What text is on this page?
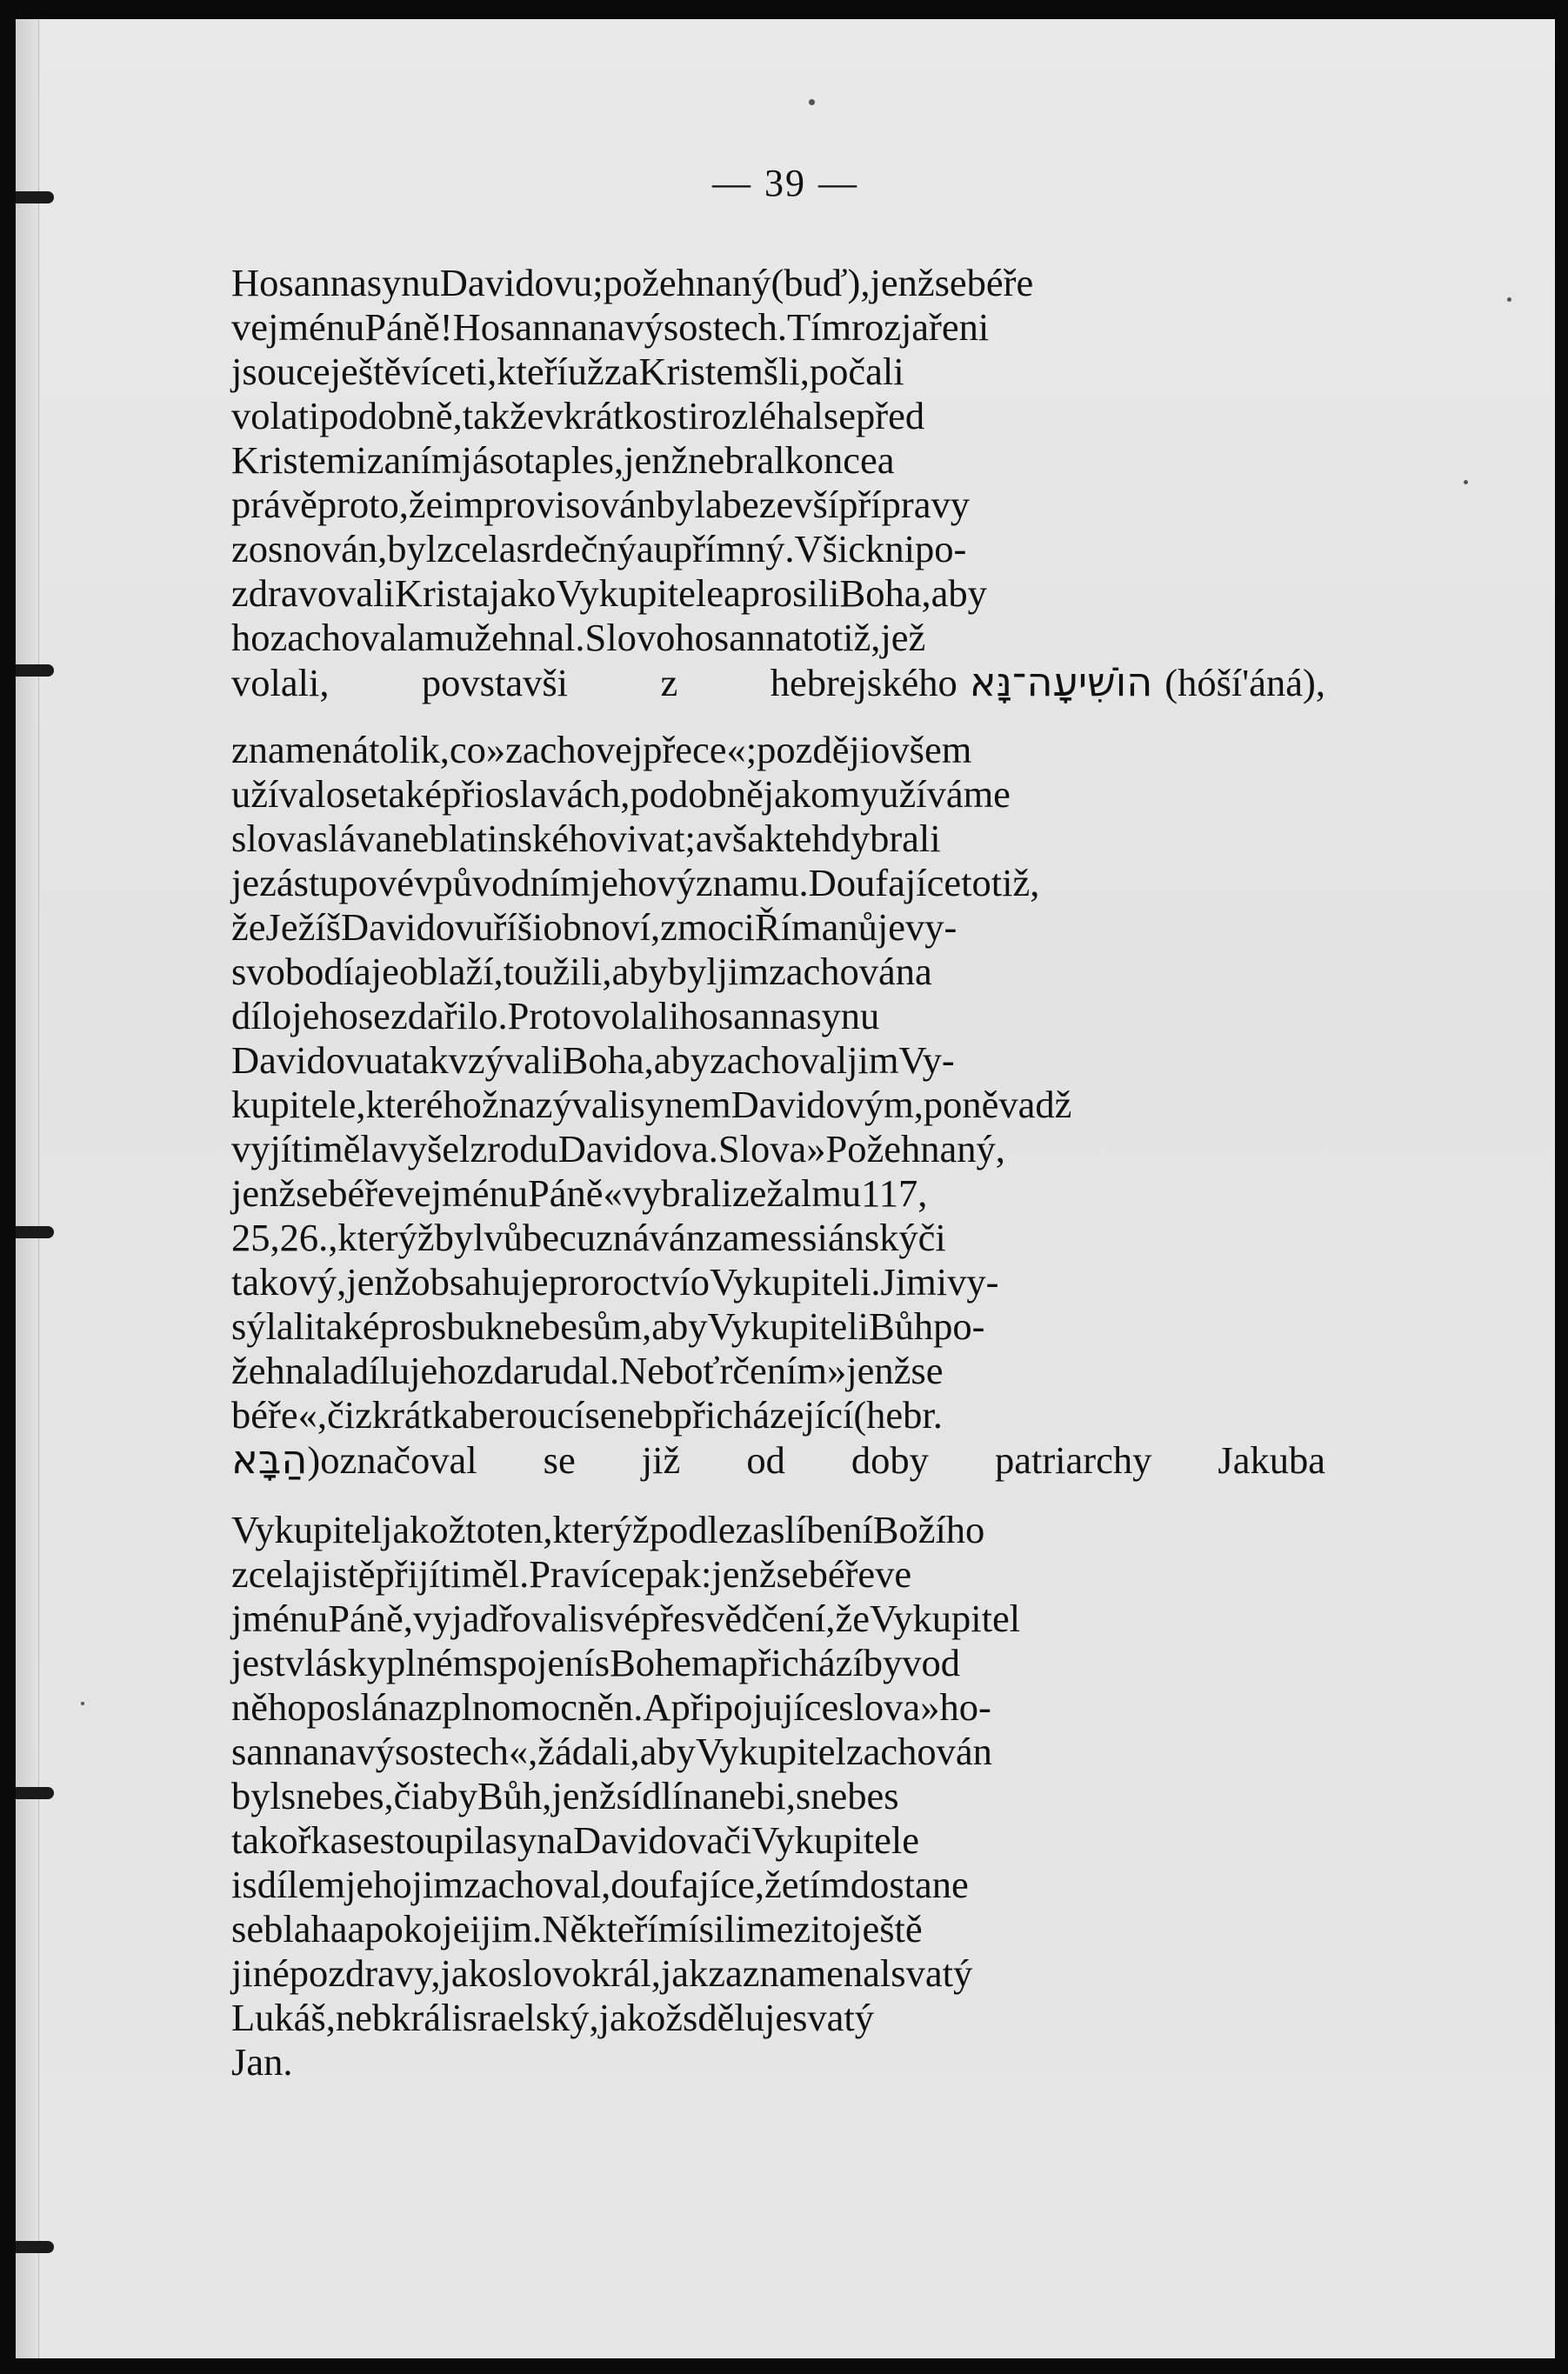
— 39 —
HosannasynuDavidovu;požehnaný(buď),jenžsebéře
vejménuPáně!Hosannanavýsostech.Tímrozjařeni
jsouceještěvíceti,kteříužzaKristemšli,počali
volatipodobně,takževkrátkostirozléhalsepřed
Kristemizanímjásotaples,jenžnebralkoncea
právěproto,žeimprovisovánbylabezevšípřípravy
zosnován,bylzcelasrdečnýaupřímný.Všicknipo-
zdravovaliKristajakoVykupiteleaprosiliBoha,aby
hozachovalamužehnal.Slovohosannatotiž,jež
volali, povstavši z hebrejského הוֹשִׁיעָה־נָּא (hóší'áná),
znamenátolik,co»zachovejpřece«;pozdějiovšem
užívalosetaképřioslavách,podobnějakomyužíváme
slovaslávaneblatinskéhovivat;avšaktehdybrali
jezástupovévpůvodnímjehovýznamu.Doufajícetotiž,
žeJežíšDavidovuříšiobnoví,zmociŘímanůjevy-
svobodíajeoblaží,toužili,abybyljimzachována
dílojehosezdařilo.Protovolalihosannasynu
DavidovuatakvzývaliBoha,abyzachovaljimVy-
kupitele,kteréhožnazývalisynemDavidovým,poněvadž
vyjítimělavyšelzroduDavidova.Slova»Požehnaný,
jenžsebéřevejménuPáně«vybralizežalmu117,
25,26.,kterýžbylvůbecuznávánzamessiánskýči
takový,jenžobsahujeproroctvíoVykupiteli.Jimivy-
sýlalitaképrosbuknebesům,abyVykupiteliBůhpo-
žehnaladílujehozdarudal.Neboťrčením»jenžse
béře«,čizkrátkaberoucísenebpřicházející(hebr.
הַבָּא)označoval se již od doby patriarchy Jakuba
Vykupiteljakožtoten,kterýžpodlezaslíbeníBožího
zcelajistěpřijítiměl.Pravícepak:jenžsebéřeve
jménuPáně,vyjadřovalisvépřesvědčení,žeVykupitel
jestvláskyplnémspojenísBohemapřicházíbyvod
něhoposlánazplnomocněn.Apřipojujíceslova»ho-
sannanavýsostech«,žádali,abyVykupitelzachován
bylsnebes,čiabyBůh,jenžsídlínanebi,snebes
takořkasestoupilasynaDavidovačiVykupitele
isdílemjehojimzachoval,doufajíce,žetímdostane
seblahaapokojeijim.Někteřímísilimezitoještě
jinépozdravy,jakoslovokrál,jakzaznamenalsvatý
Lukáš,nebkrálisraelský,jakožsdělujesvatý
Jan.
